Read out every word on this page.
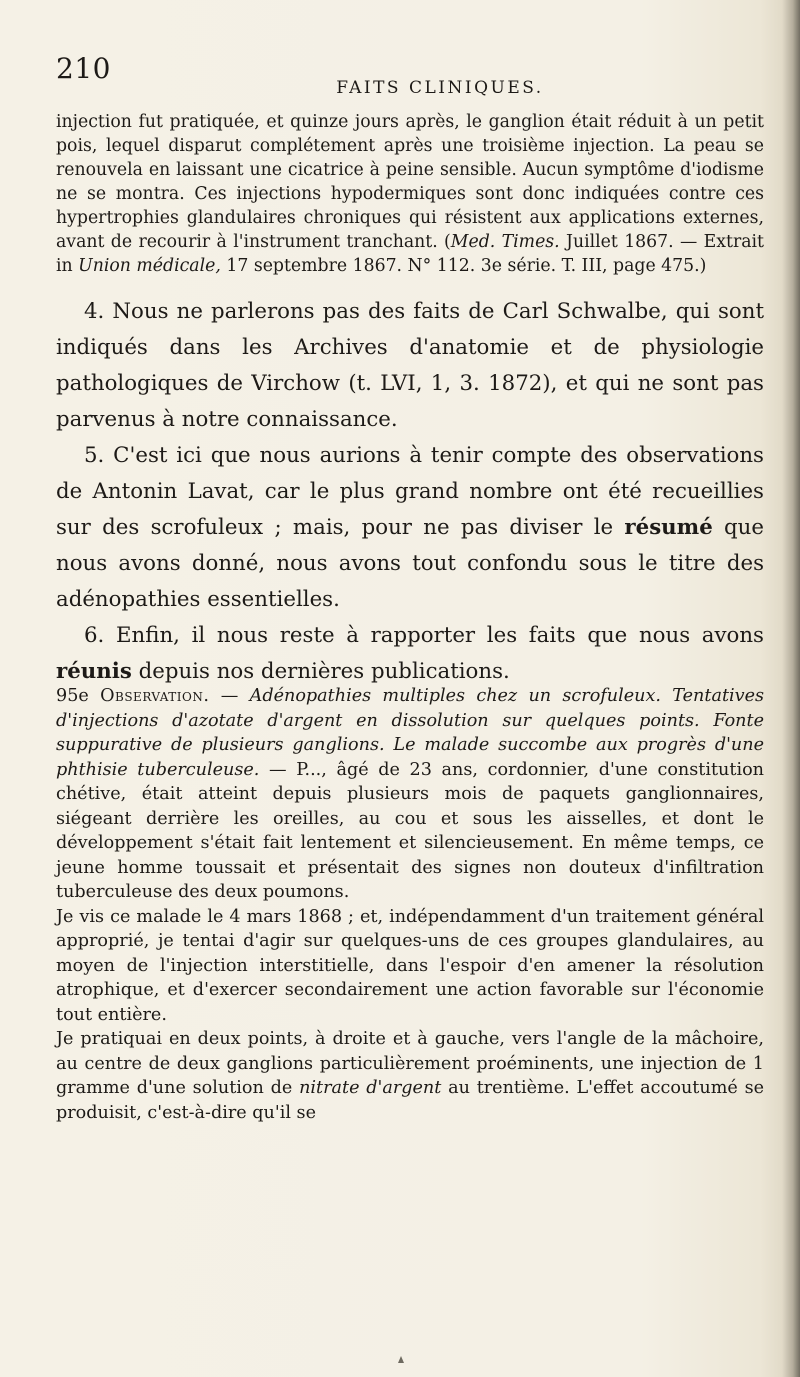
210
FAITS CLINIQUES.

injection fut pratiquée, et quinze jours après, le ganglion était réduit à un petit pois, lequel disparut complétement après une troisième injection. La peau se renouvela en laissant une cicatrice à peine sensible. Aucun symptôme d'iodisme ne se montra. Ces injections hypodermiques sont donc indiquées contre ces hypertrophies glandulaires chroniques qui résistent aux applications externes, avant de recourir à l'instrument tranchant. (Med. Times. Juillet 1867. — Extrait in Union médicale, 17 septembre 1867. N° 112. 3e série. T. III, page 475.)

4. Nous ne parlerons pas des faits de Carl Schwalbe, qui sont indiqués dans les Archives d'anatomie et de physiologie pathologiques de Virchow (t. LVI, 1, 3. 1872), et qui ne sont pas parvenus à notre connaissance.

5. C'est ici que nous aurions à tenir compte des observations de Antonin Lavat, car le plus grand nombre ont été recueillies sur des scrofuleux ; mais, pour ne pas diviser le résumé que nous avons donné, nous avons tout confondu sous le titre des adénopathies essentielles.

6. Enfin, il nous reste à rapporter les faits que nous avons réunis depuis nos dernières publications.

95e Observation. — Adénopathies multiples chez un scrofuleux. Tentatives d'injections d'azotate d'argent en dissolution sur quelques points. Fonte suppurative de plusieurs ganglions. Le malade succombe aux progrès d'une phthisie tuberculeuse. — P..., âgé de 23 ans, cordonnier, d'une constitution chétive, était atteint depuis plusieurs mois de paquets ganglionnaires, siégeant derrière les oreilles, au cou et sous les aisselles, et dont le développement s'était fait lentement et silencieusement. En même temps, ce jeune homme toussait et présentait des signes non douteux d'infiltration tuberculeuse des deux poumons.

Je vis ce malade le 4 mars 1868 ; et, indépendamment d'un traitement général approprié, je tentai d'agir sur quelques-uns de ces groupes glandulaires, au moyen de l'injection interstitielle, dans l'espoir d'en amener la résolution atrophique, et d'exercer secondairement une action favorable sur l'économie tout entière.

Je pratiquai en deux points, à droite et à gauche, vers l'angle de la mâchoire, au centre de deux ganglions particulièrement proéminents, une injection de 1 gramme d'une solution de nitrate d'argent au trentième. L'effet accoutumé se produisit, c'est-à-dire qu'il se
